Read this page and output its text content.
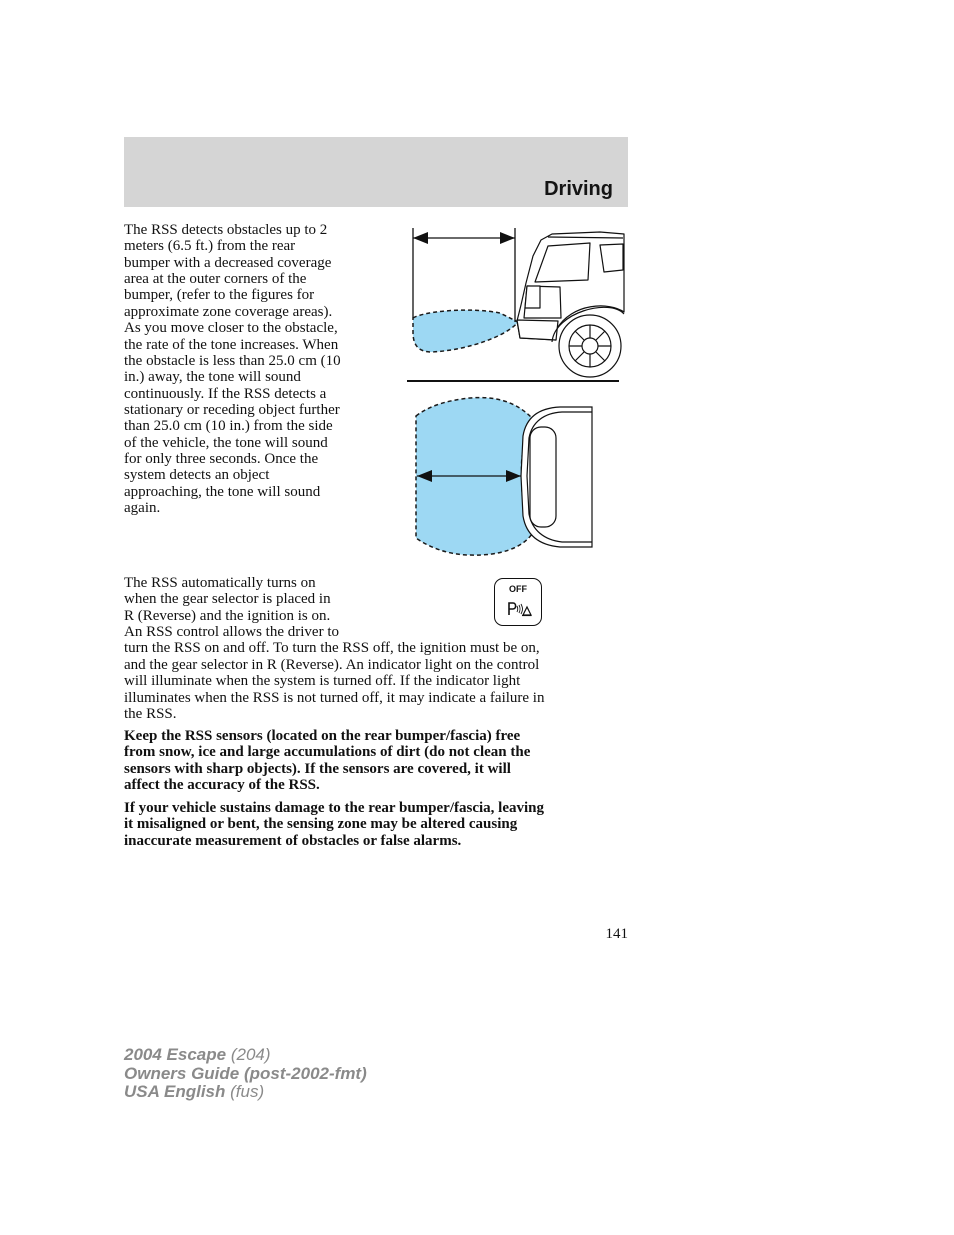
Driving
The RSS detects obstacles up to 2
meters (6.5 ft.) from the rear
bumper with a decreased coverage
area at the outer corners of the
bumper, (refer to the figures for
approximate zone coverage areas).
As you move closer to the obstacle,
the rate of the tone increases. When
the obstacle is less than 25.0 cm (10
in.) away, the tone will sound
continuously. If the RSS detects a
stationary or receding object further
than 25.0 cm (10 in.) from the side
of the vehicle, the tone will sound
for only three seconds. Once the
system detects an object
approaching, the tone will sound
again.
The RSS automatically turns on
when the gear selector is placed in
R (Reverse) and the ignition is on.
An RSS control allows the driver to
turn the RSS on and off. To turn the RSS off, the ignition must be on,
and the gear selector in R (Reverse). An indicator light on the control
will illuminate when the system is turned off. If the indicator light
illuminates when the RSS is not turned off, it may indicate a failure in
the RSS.
OFF
Keep the RSS sensors (located on the rear bumper/fascia) free
from snow, ice and large accumulations of dirt (do not clean the
sensors with sharp objects). If the sensors are covered, it will
affect the accuracy of the RSS.
If your vehicle sustains damage to the rear bumper/fascia, leaving
it misaligned or bent, the sensing zone may be altered causing
inaccurate measurement of obstacles or false alarms.
141
2004 Escape (204)
Owners Guide (post-2002-fmt)
USA English (fus)
